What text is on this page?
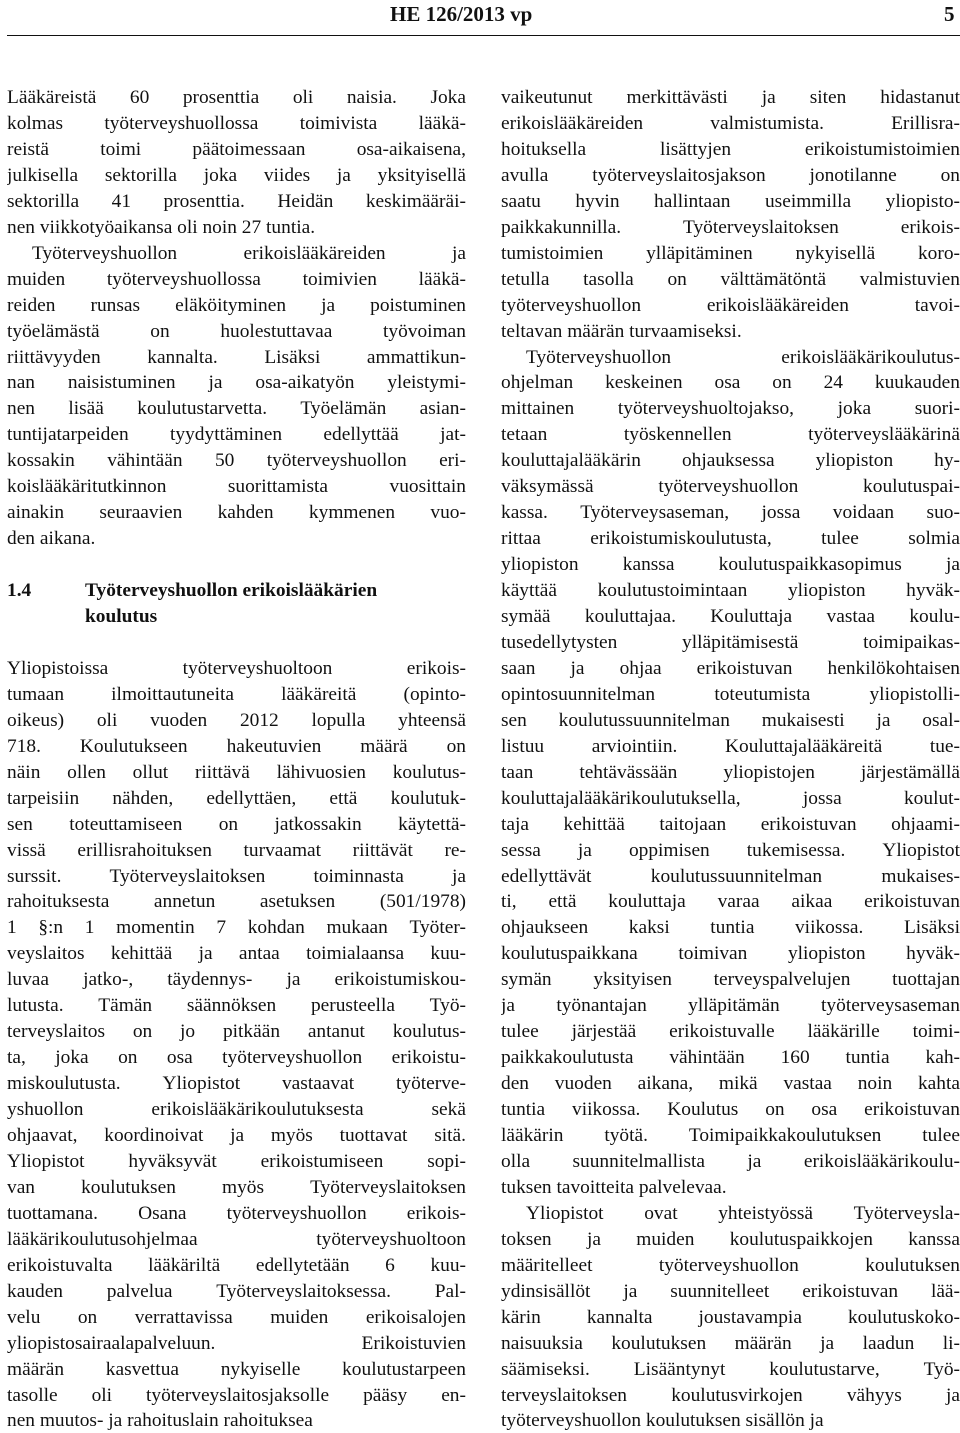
HE 126/2013 vp	5
Lääkäreistä 60 prosenttia oli naisia. Joka
kolmas työterveyshuollossa toimivista lääkä-
reistä	toimi	päätoimessaan	osa-aikaisena,
julkisella sektorilla joka viides ja yksityisellä
sektorilla 41 prosenttia. Heidän keskimääräi-
nen viikkotyöaikansa oli noin 27 tuntia.
Työterveyshuollon	erikoislääkäreiden	ja
muiden työterveyshuollossa toimivien lääkä-
reiden runsas eläköityminen ja poistuminen
työelämästä	on	huolestuttavaa	työvoiman
riittävyyden kannalta. Lisäksi ammattikun-
nan naisistuminen ja osa-aikatyön yleistymi-
nen lisää koulutustarvetta. Työelämän asian-
tuntijatarpeiden tyydyttäminen edellyttää jat-
kossakin vähintään 50 työterveyshuollon eri-
koislääkäritutkinnon	suorittamista	vuosittain
ainakin seuraavien kahden kymmenen vuo-
den aikana.
1.4	Työterveyshuollon erikoislääkärien
koulutus
Yliopistoissa	työterveyshuoltoon	erikois-
tumaan ilmoittautuneita lääkäreitä (opinto-
oikeus) oli vuoden 2012 lopulla yhteensä
718. Koulutukseen hakeutuvien määrä on
näin ollen ollut riittävä lähivuosien koulutus-
tarpeisiin nähden, edellyttäen, että koulutuk-
sen toteuttamiseen on jatkossakin käytettä-
vissä erillisrahoituksen turvaamat riittävät re-
surssit. Työterveyslaitoksen toiminnasta ja
rahoituksesta annetun asetuksen (501/1978)
1 §:n 1 momentin 7 kohdan mukaan Työter-
veyslaitos kehittää ja antaa toimialaansa kuu-
luvaa jatko-, täydennys- ja erikoistumiskou-
lutusta. Tämän säännöksen perusteella Työ-
terveyslaitos on jo pitkään antanut koulutus-
ta, joka on osa työterveyshuollon erikoistu-
miskoulutusta. Yliopistot vastaavat työterve-
yshuollon	erikoislääkärikoulutuksesta	sekä
ohjaavat, koordinoivat ja myös tuottavat sitä.
Yliopistot hyväksyvät erikoistumiseen sopi-
van koulutuksen myös Työterveyslaitoksen
tuottamana. Osana työterveyshuollon erikois-
lääkärikoulutusohjelmaa	työterveyshuoltoon
erikoistuvalta lääkäriltä edellytetään 6 kuu-
kauden palvelua Työterveyslaitoksessa. Pal-
velu on verrattavissa muiden erikoisalojen
yliopistosairaalapalveluun.	Erikoistuvien
määrän kasvettua nykyiselle koulutustarpeen
tasolle oli työterveyslaitosjaksolle pääsy en-
nen muutos- ja rahoituslain rahoitukseа
vaikeutunut merkittävästi ja siten hidastanut
erikoislääkäreiden	valmistumista.	Erillisra-
hoituksella	lisättyjen	erikoistumistoimien
avulla työterveyslaitosjakson jonotilanne on
saatu hyvin hallintaan useimmilla yliopisto-
paikkakunnilla.	Työterveyslaitoksen	erikois-
tumistoimien ylläpitäminen nykyisellä koro-
tetulla tasolla on välttämätöntä valmistuvien
työterveyshuollon	erikoislääkäreiden	tavoi-
teltavan määrän turvaamiseksi.
Työterveyshuollon	erikoislääkärikoulutus-
ohjelman keskeinen osa on 24 kuukauden
mittainen työterveyshuoltojakso, joka suori-
tetaan	työskennellen	työterveyslääkärinä
kouluttajalääkärin ohjauksessa yliopiston hy-
väksymässä	työterveyshuollon	koulutuspai-
kassa. Työterveysaseman, jossa voidaan suo-
rittaa	erikoistumiskoulutusta,	tulee	solmia
yliopiston kanssa koulutuspaikkasopimus ja
käyttää koulutustoimintaan yliopiston hyväk-
symää kouluttajaa. Kouluttaja vastaa koulu-
tusedellytysten	ylläpitämisestä	toimipaikas-
saan ja ohjaa erikoistuvan henkilökohtaisen
opintosuunnitelman	toteutumista	yliopistolli-
sen koulutussuunnitelman mukaisesti ja osal-
listuu arviointiin. Kouluttajalääkäreitä tue-
taan tehtävässään yliopistojen järjestämällä
kouluttajalääkärikoulutuksella,	jossa	koulut-
taja kehittää taitojaan erikoistuvan ohjaami-
sessa ja oppimisen tukemisessa. Yliopistot
edellyttävät	koulutussuunnitelman	mukaises-
ti, että kouluttaja varaa aikaa erikoistuvan
ohjaukseen kaksi tuntia viikossa. Lisäksi
koulutuspaikkana toimivan yliopiston hyväk-
symän yksityisen terveyspalvelujen tuottajan
ja työnantajan ylläpitämän työterveysaseman
tulee järjestää erikoistuvalle lääkärille toimi-
paikkakoulutusta vähintään 160 tuntia kah-
den vuoden aikana, mikä vastaa noin kahta
tuntia viikossa. Koulutus on osa erikoistuvan
lääkärin työtä. Toimipaikkakoulutuksen tulee
olla suunnitelmallista ja erikoislääkärikoulu-
tuksen tavoitteita palvelevaa.
Yliopistot ovat yhteistyössä Työterveysla-
toksen ja muiden koulutuspaikkojen kanssa
määritelleet	työterveyshuollon	koulutuksen
ydinsisällöt ja suunnitelleet erikoistuvan lää-
kärin kannalta joustavampia koulutuskoko-
naisuuksia koulutuksen määrän ja laadun li-
säämiseksi. Lisääntynyt koulutustarve, Työ-
terveyslaitoksen koulutusvirkojen vähyys ja
työterveyshuollon koulutuksen sisällön ja
